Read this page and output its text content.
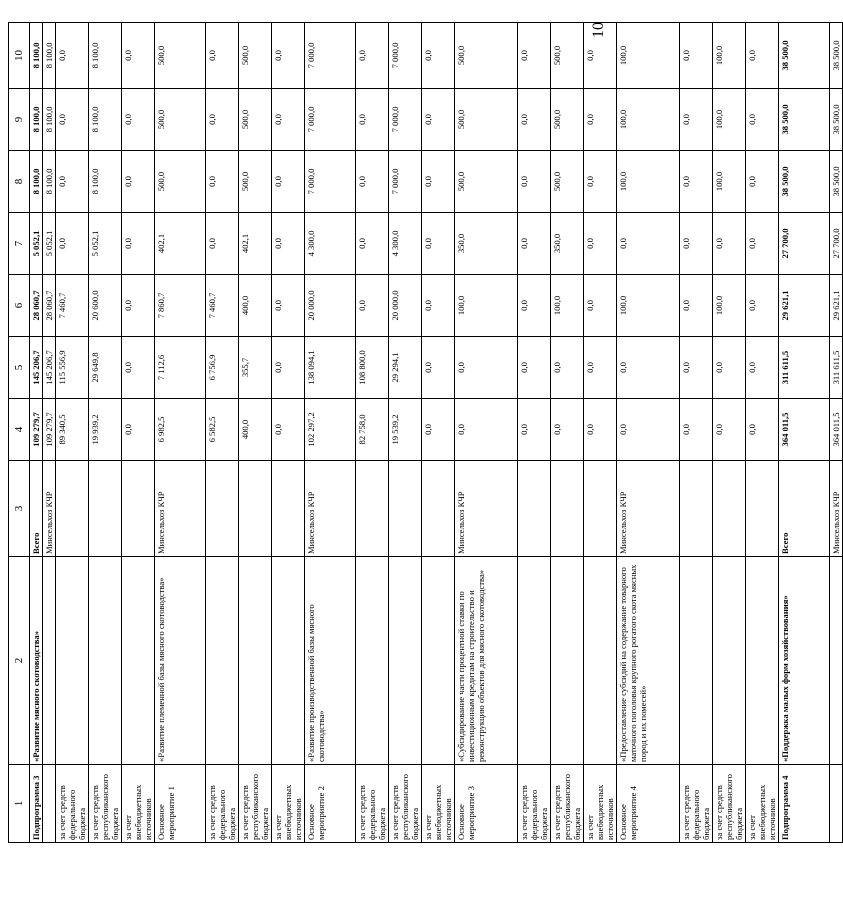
10
1	2	3	4	5	6	7	8	9	10
Подпрограмма 3	«Развитие мясного скотоводства»	Всего	109 279,7	145 206,7	28 060,7	5 052,1	8 100,0	8 100,0	8 100,0
		Минсельхоз КЧР	109 279,7	145 206,7	28 060,7	5 052,1	8 100,0	8 100,0	8 100,0
за счет средств федерального бюджета			89 340,5	115 556,9	7 460,7	0,0	0,0	0,0	0,0
за счет средств республиканского бюджета			19 939,2	29 649,8	20 600,0	5 052,1	8 100,0	8 100,0	8 100,0
за счет внебюджетных источников			0,0	0,0	0,0	0,0	0,0	0,0	0,0
Основное мероприятие 1	«Развитие племенной базы мясного скотоводства»	Минсельхоз КЧР	6 982,5	7 112,6	7 860,7	402,1	500,0	500,0	500,0
за счет средств федерального бюджета			6 582,5	6 756,9	7 460,7	0,0	0,0	0,0	0,0
за счет средств республиканского бюджета			400,0	355,7	400,0	402,1	500,0	500,0	500,0
за счет внебюджетных источников			0,0	0,0	0,0	0,0	0,0	0,0	0,0
Основное мероприятие 2	«Развитие производственной базы мясного скотоводства»	Минсельхоз КЧР	102 297,2	138 094,1	20 000,0	4 300,0	7 000,0	7 000,0	7 000,0
за счет средств федерального бюджета			82 758,0	108 800,0	0,0	0,0	0,0	0,0	0,0
за счет средств республиканского бюджета			19 539,2	29 294,1	20 000,0	4 300,0	7 000,0	7 000,0	7 000,0
за счет внебюджетных источников			0,0	0,0	0,0	0,0	0,0	0,0	0,0
Основное мероприятие 3	«Субсидирование части процентной ставки по инвестиционным кредитам на строительство и реконструкцию объектов для мясного скотоводства»	Минсельхоз КЧР	0,0	0,0	100,0	350,0	500,0	500,0	500,0
за счет средств федерального бюджета			0,0	0,0	0,0	0,0	0,0	0,0	0,0
за счет средств республиканского бюджета			0,0	0,0	100,0	350,0	500,0	500,0	500,0
за счет внебюджетных источников			0,0	0,0	0,0	0,0	0,0	0,0	0,0
Основное мероприятие 4	«Предоставление субсидий на содержание товарного маточного поголовья крупного рогатого скота мясных пород и их помесей»	Минсельхоз КЧР	0,0	0,0	100,0	0,0	100,0	100,0	100,0
за счет средств федерального бюджета			0,0	0,0	0,0	0,0	0,0	0,0	0,0
за счет средств республиканского бюджета			0,0	0,0	100,0	0,0	100,0	100,0	100,0
за счет внебюджетных источников			0,0	0,0	0,0	0,0	0,0	0,0	0,0
Подпрограмма 4	«Поддержка малых форм хозяйствования»	Всего	364 011,5	311 611,5	29 621,1	27 700,0	38 500,0	38 500,0	38 500,0
		Минсельхоз КЧР	364 011,5	311 611,5	29 621,1	27 700,0	38 500,0	38 500,0	38 500,0
